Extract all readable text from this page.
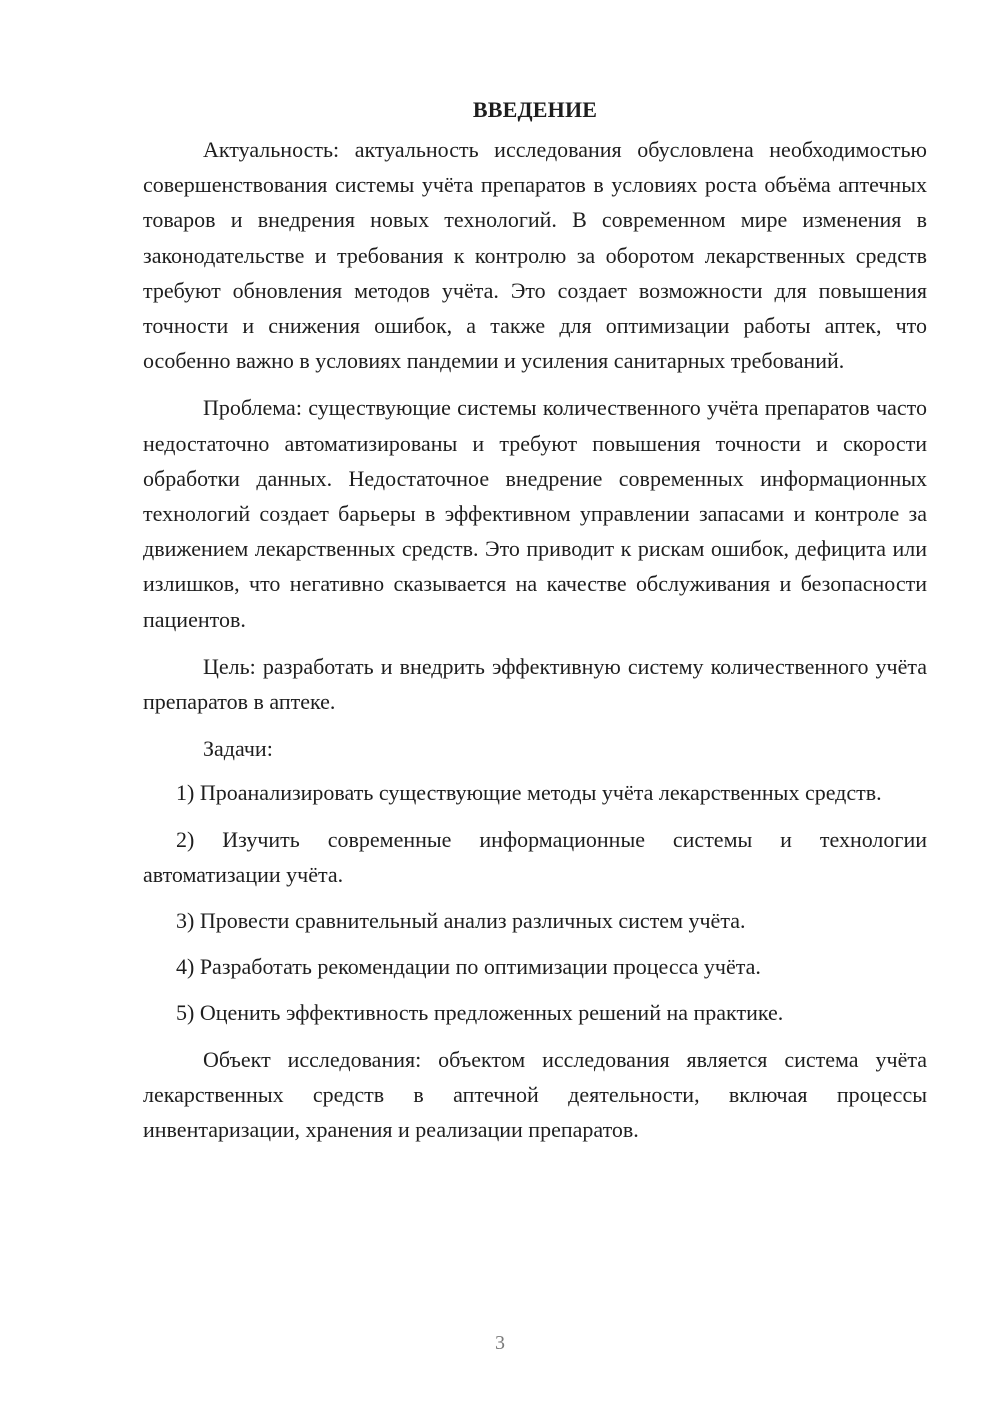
ВВЕДЕНИЕ

Актуальность: актуальность исследования обусловлена необходимостью совершенствования системы учёта препаратов в условиях роста объёма аптечных товаров и внедрения новых технологий. В современном мире изменения в законодательстве и требования к контролю за оборотом лекарственных средств требуют обновления методов учёта. Это создает возможности для повышения точности и снижения ошибок, а также для оптимизации работы аптек, что особенно важно в условиях пандемии и усиления санитарных требований.

Проблема: существующие системы количественного учёта препаратов часто недостаточно автоматизированы и требуют повышения точности и скорости обработки данных. Недостаточное внедрение современных информационных технологий создает барьеры в эффективном управлении запасами и контроле за движением лекарственных средств. Это приводит к рискам ошибок, дефицита или излишков, что негативно сказывается на качестве обслуживания и безопасности пациентов.

Цель: разработать и внедрить эффективную систему количественного учёта препаратов в аптеке.

Задачи:

1) Проанализировать существующие методы учёта лекарственных средств.

2) Изучить современные информационные системы и технологии автоматизации учёта.

3) Провести сравнительный анализ различных систем учёта.

4) Разработать рекомендации по оптимизации процесса учёта.

5) Оценить эффективность предложенных решений на практике.

Объект исследования: объектом исследования является система учёта лекарственных средств в аптечной деятельности, включая процессы инвентаризации, хранения и реализации препаратов.

3
